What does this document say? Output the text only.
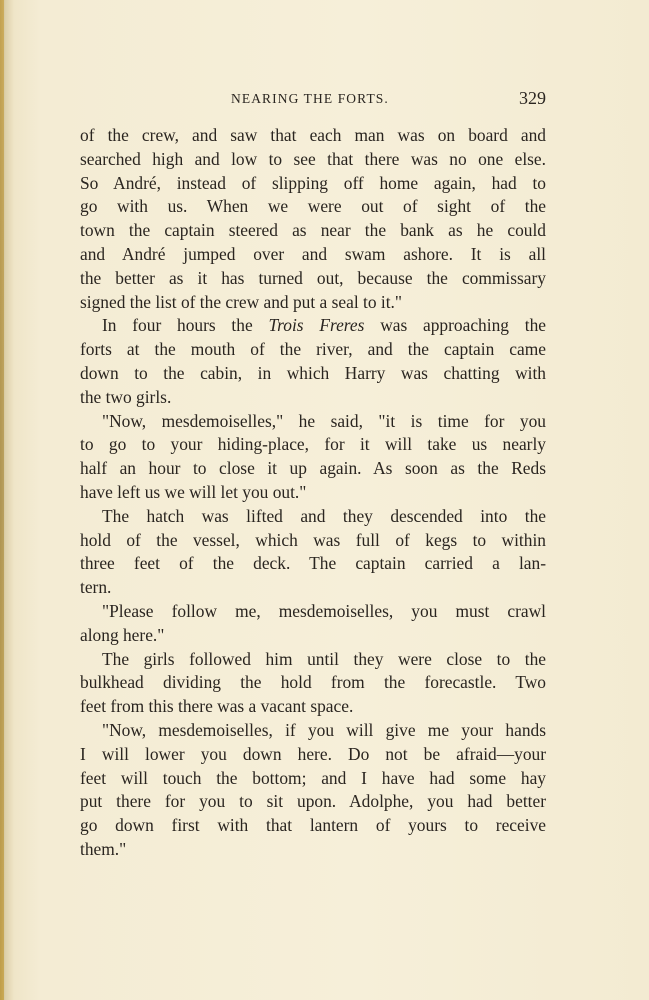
NEARING THE FORTS.	329
of the crew, and saw that each man was on board and
searched high and low to see that there was no one else.
So André, instead of slipping off home again, had to
go with us. When we were out of sight of the
town the captain steered as near the bank as he could
and André jumped over and swam ashore. It is all
the better as it has turned out, because the commissary
signed the list of the crew and put a seal to it."
In four hours the Trois Freres was approaching the
forts at the mouth of the river, and the captain came
down to the cabin, in which Harry was chatting with
the two girls.
"Now, mesdemoiselles," he said, "it is time for you
to go to your hiding-place, for it will take us nearly
half an hour to close it up again. As soon as the Reds
have left us we will let you out."
The hatch was lifted and they descended into the
hold of the vessel, which was full of kegs to within
three feet of the deck. The captain carried a lan-
tern.
"Please follow me, mesdemoiselles, you must crawl
along here."
The girls followed him until they were close to the
bulkhead dividing the hold from the forecastle. Two
feet from this there was a vacant space.
"Now, mesdemoiselles, if you will give me your hands
I will lower you down here. Do not be afraid—your
feet will touch the bottom; and I have had some hay
put there for you to sit upon. Adolphe, you had better
go down first with that lantern of yours to receive
them."
